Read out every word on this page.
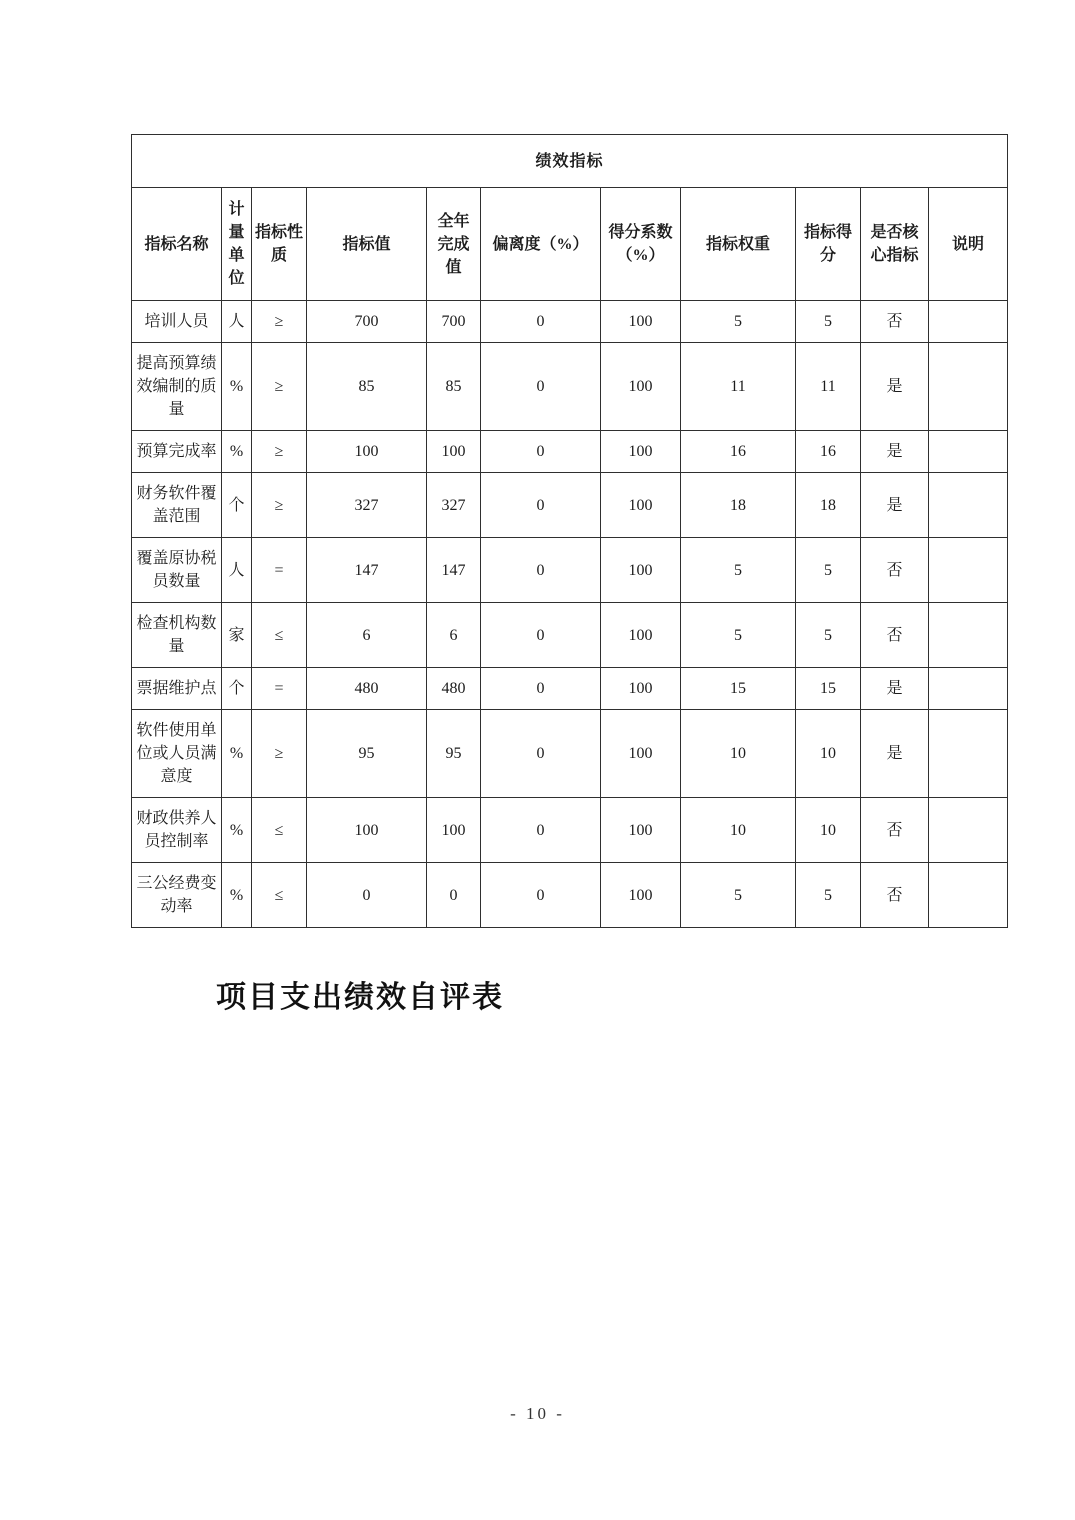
绩效指标										
指标名称	计量单位	指标性质	指标值	全年完成值	偏离度（%）	得分系数（%）	指标权重	指标得分	是否核心指标	说明
培训人员	人	≥	700	700	0	100	5	5	否	
提高预算绩效编制的质量	%	≥	85	85	0	100	11	11	是	
预算完成率	%	≥	100	100	0	100	16	16	是	
财务软件覆盖范围	个	≥	327	327	0	100	18	18	是	
覆盖原协税员数量	人	=	147	147	0	100	5	5	否	
检查机构数量	家	≤	6	6	0	100	5	5	否	
票据维护点	个	=	480	480	0	100	15	15	是	
软件使用单位或人员满意度	%	≥	95	95	0	100	10	10	是	
财政供养人员控制率	%	≤	100	100	0	100	10	10	否	
三公经费变动率	%	≤	0	0	0	100	5	5	否	
项目支出绩效自评表
- 10 -
